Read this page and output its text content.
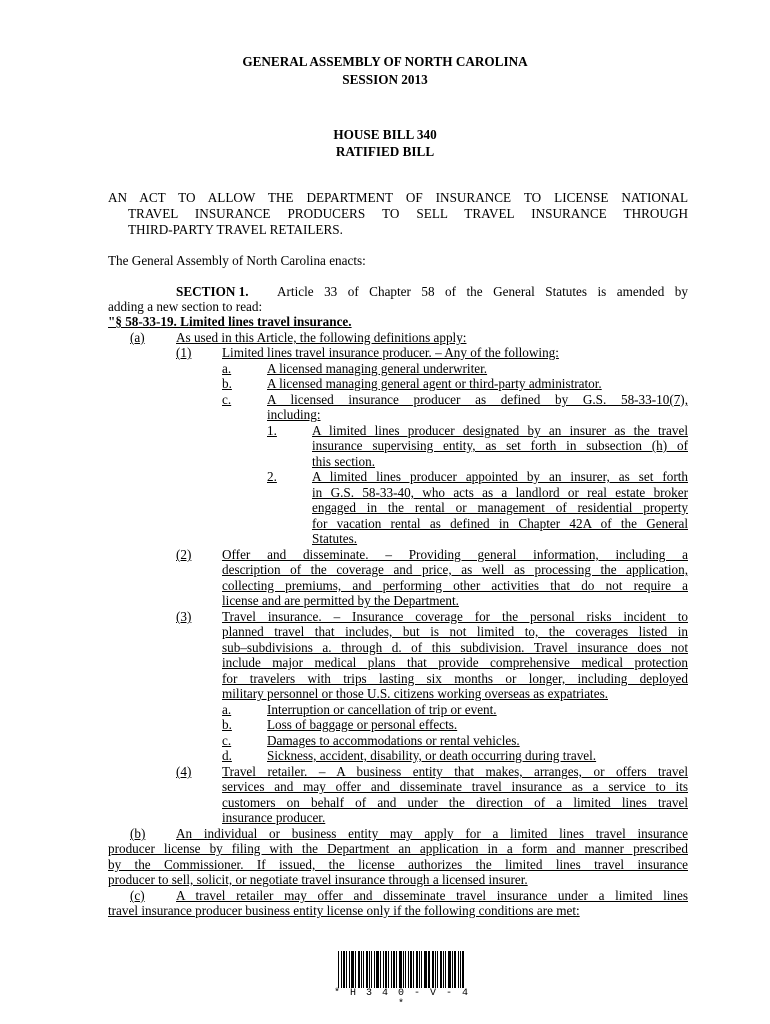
GENERAL ASSEMBLY OF NORTH CAROLINA
SESSION 2013
HOUSE BILL 340
RATIFIED BILL
AN ACT TO ALLOW THE DEPARTMENT OF INSURANCE TO LICENSE NATIONAL
TRAVEL INSURANCE PRODUCERS TO SELL TRAVEL INSURANCE THROUGH
THIRD-PARTY TRAVEL RETAILERS.
The General Assembly of North Carolina enacts:
SECTION 1. Article 33 of Chapter 58 of the General Statutes is amended by
adding a new section to read:
"§ 58-33-19. Limited lines travel insurance.
(a) As used in this Article, the following definitions apply:
(1) Limited lines travel insurance producer. – Any of the following:
a.	A licensed managing general underwriter.
b.	A licensed managing general agent or third-party administrator.
c.	A licensed insurance producer as defined by G.S. 58-33-10(7),
including:
1.	A limited lines producer designated by an insurer as the travel
insurance supervising entity, as set forth in subsection (h) of
this section.
2.	A limited lines producer appointed by an insurer, as set forth
in G.S. 58-33-40, who acts as a landlord or real estate broker
engaged in the rental or management of residential property
for vacation rental as defined in Chapter 42A of the General
Statutes.
(2) Offer and disseminate. – Providing general information, including a
description of the coverage and price, as well as processing the application,
collecting premiums, and performing other activities that do not require a
license and are permitted by the Department.
(3) Travel insurance. – Insurance coverage for the personal risks incident to
planned travel that includes, but is not limited to, the coverages listed in
sub–subdivisions a. through d. of this subdivision. Travel insurance does not
include major medical plans that provide comprehensive medical protection
for travelers with trips lasting six months or longer, including deployed
military personnel or those U.S. citizens working overseas as expatriates.
a.	Interruption or cancellation of trip or event.
b.	Loss of baggage or personal effects.
c.	Damages to accommodations or rental vehicles.
d.	Sickness, accident, disability, or death occurring during travel.
(4) Travel retailer. – A business entity that makes, arranges, or offers travel
services and may offer and disseminate travel insurance as a service to its
customers on behalf of and under the direction of a limited lines travel
insurance producer.
(b) An individual or business entity may apply for a limited lines travel insurance
producer license by filing with the Department an application in a form and manner prescribed
by the Commissioner. If issued, the license authorizes the limited lines travel insurance
producer to sell, solicit, or negotiate travel insurance through a licensed insurer.
(c) A travel retailer may offer and disseminate travel insurance under a limited lines
travel insurance producer business entity license only if the following conditions are met:
* H 3 4 0 - V - 4 *
